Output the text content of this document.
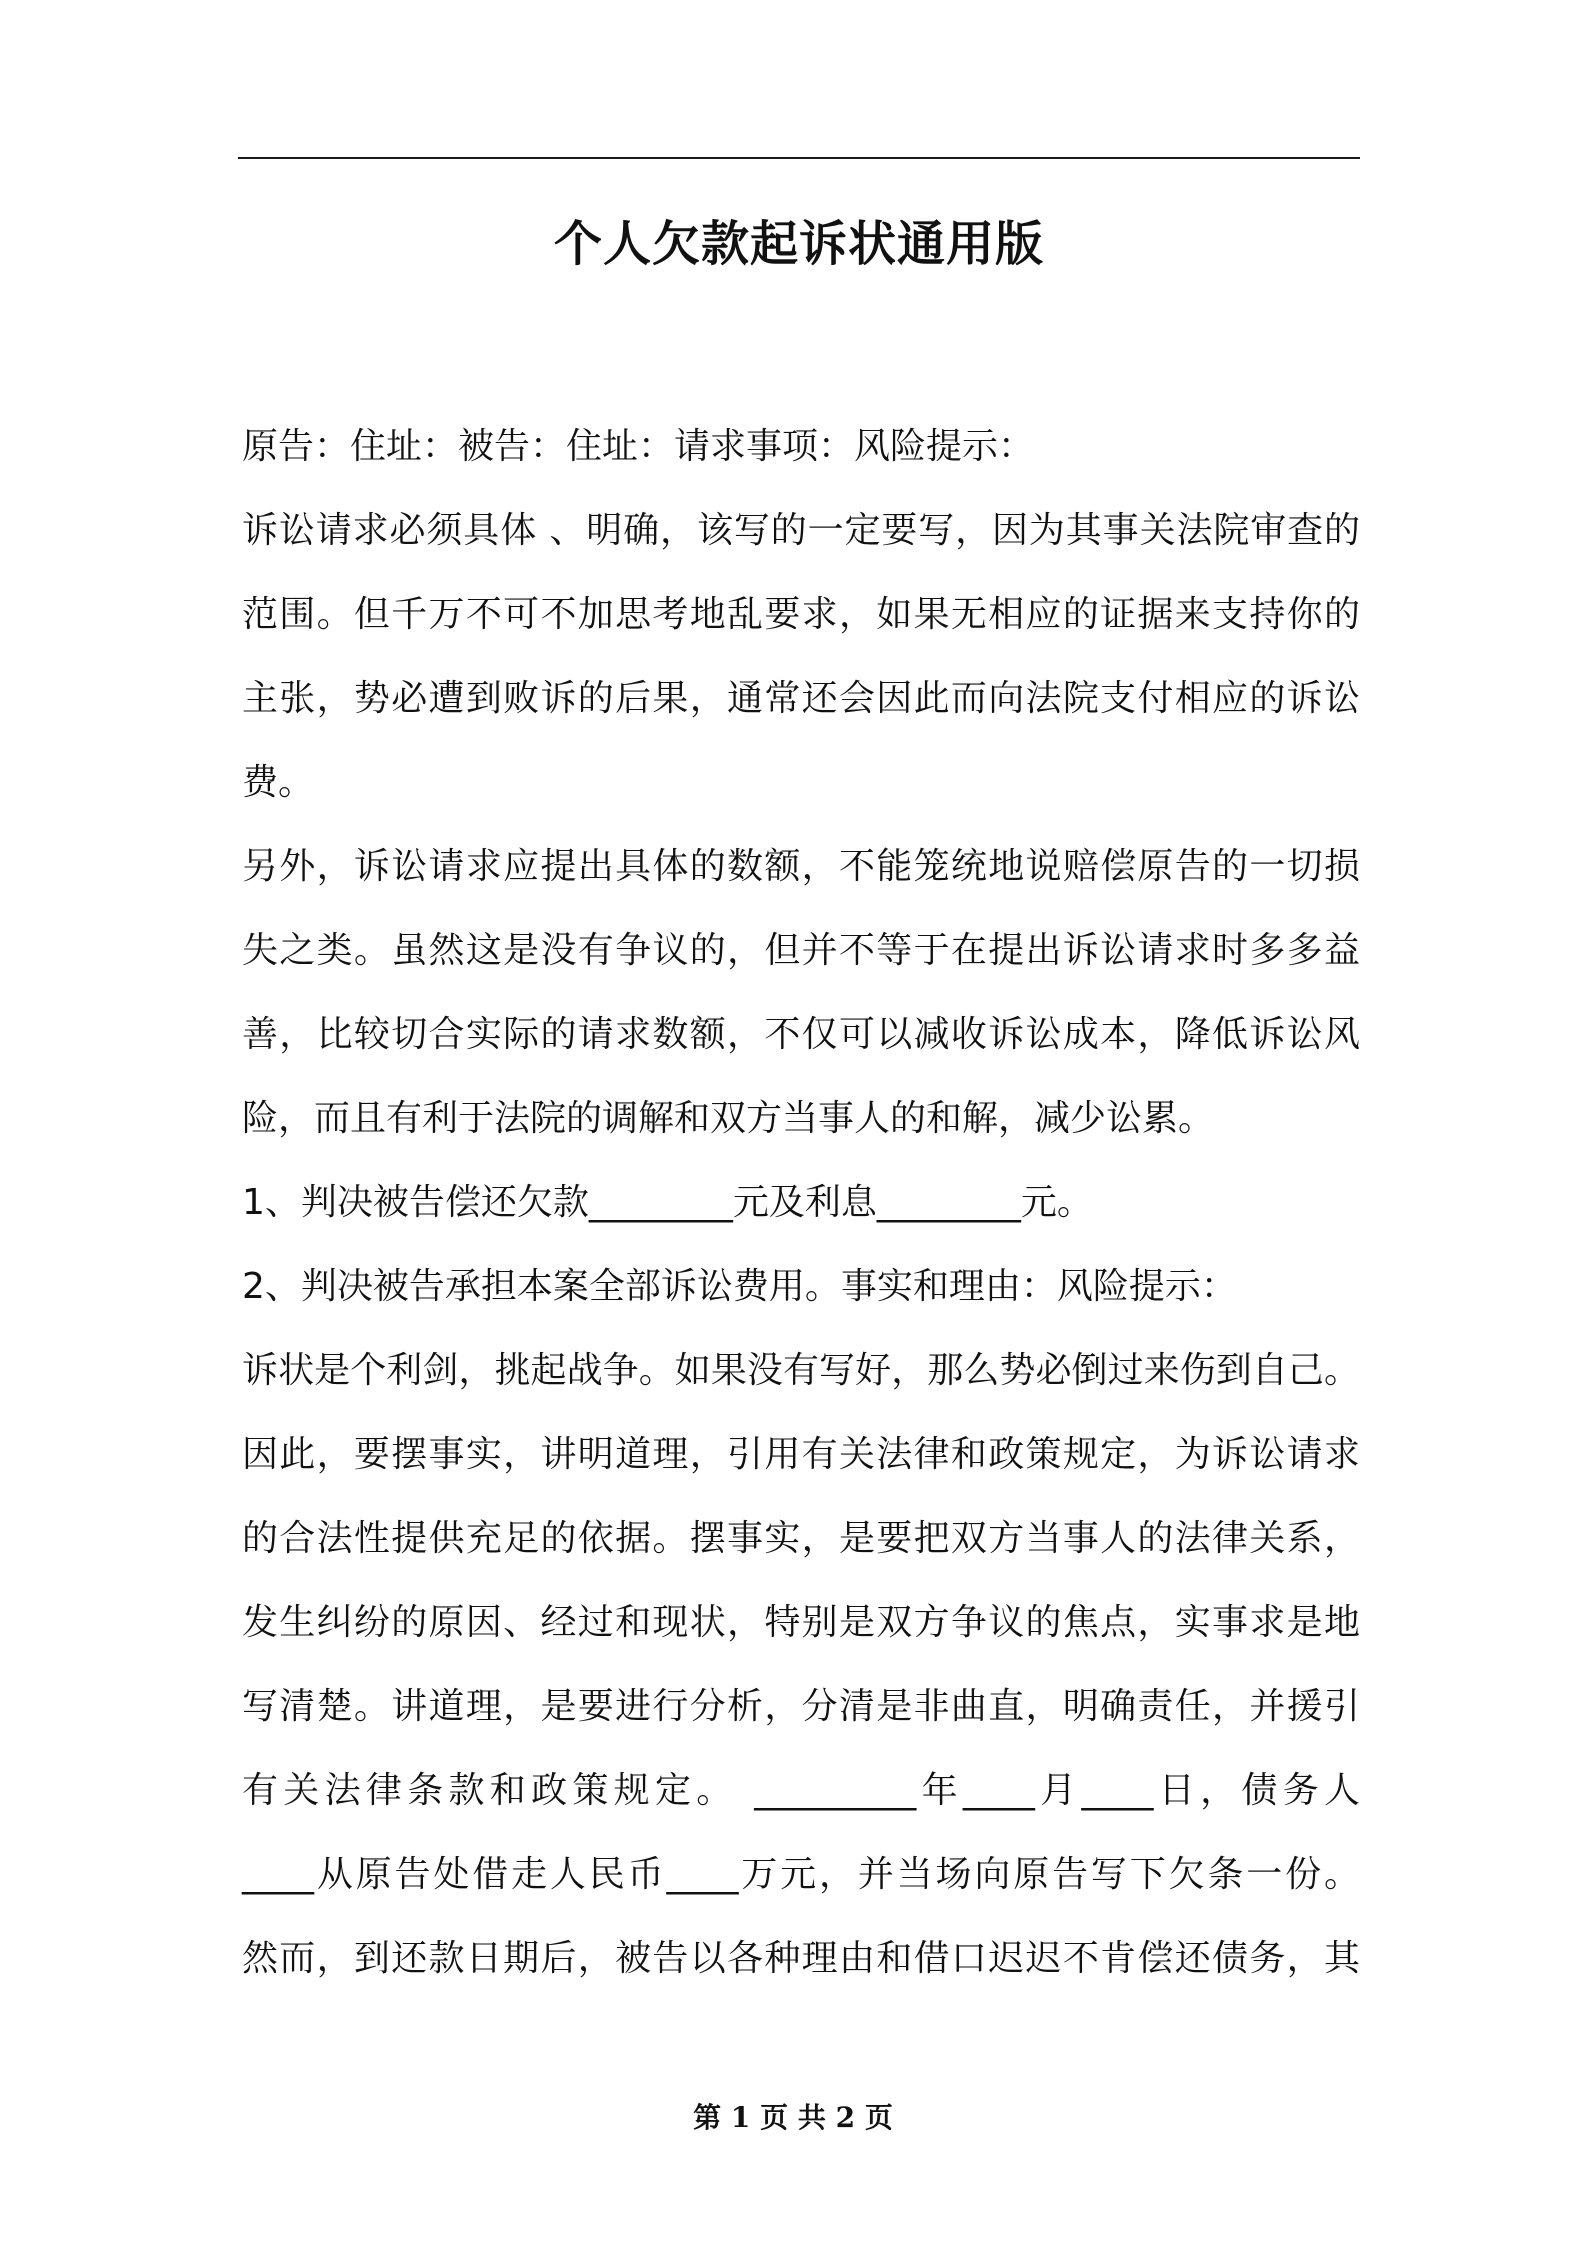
个人欠款起诉状通用版
原告：住址：被告：住址：请求事项：风险提示：
诉讼请求必须具体 、明确，该写的一定要写，因为其事关法院审查的
范围。但千万不可不加思考地乱要求，如果无相应的证据来支持你的
主张，势必遭到败诉的后果，通常还会因此而向法院支付相应的诉讼
费。
另外，诉讼请求应提出具体的数额，不能笼统地说赔偿原告的一切损
失之类。虽然这是没有争议的，但并不等于在提出诉讼请求时多多益
善，比较切合实际的请求数额，不仅可以减收诉讼成本，降低诉讼风
险，而且有利于法院的调解和双方当事人的和解，减少讼累。
1、判决被告偿还欠款________元及利息________元。
2、判决被告承担本案全部诉讼费用。事实和理由：风险提示：
诉状是个利剑，挑起战争。如果没有写好，那么势必倒过来伤到自己。
因此，要摆事实，讲明道理，引用有关法律和政策规定，为诉讼请求
的合法性提供充足的依据。摆事实，是要把双方当事人的法律关系，
发生纠纷的原因、经过和现状，特别是双方争议的焦点，实事求是地
写清楚。讲道理，是要进行分析，分清是非曲直，明确责任，并援引
有关法律条款和政策规定。 _________年____月____日，债务人
____从原告处借走人民币____万元，并当场向原告写下欠条一份。
然而，到还款日期后，被告以各种理由和借口迟迟不肯偿还债务，其
第 1 页 共 2 页
